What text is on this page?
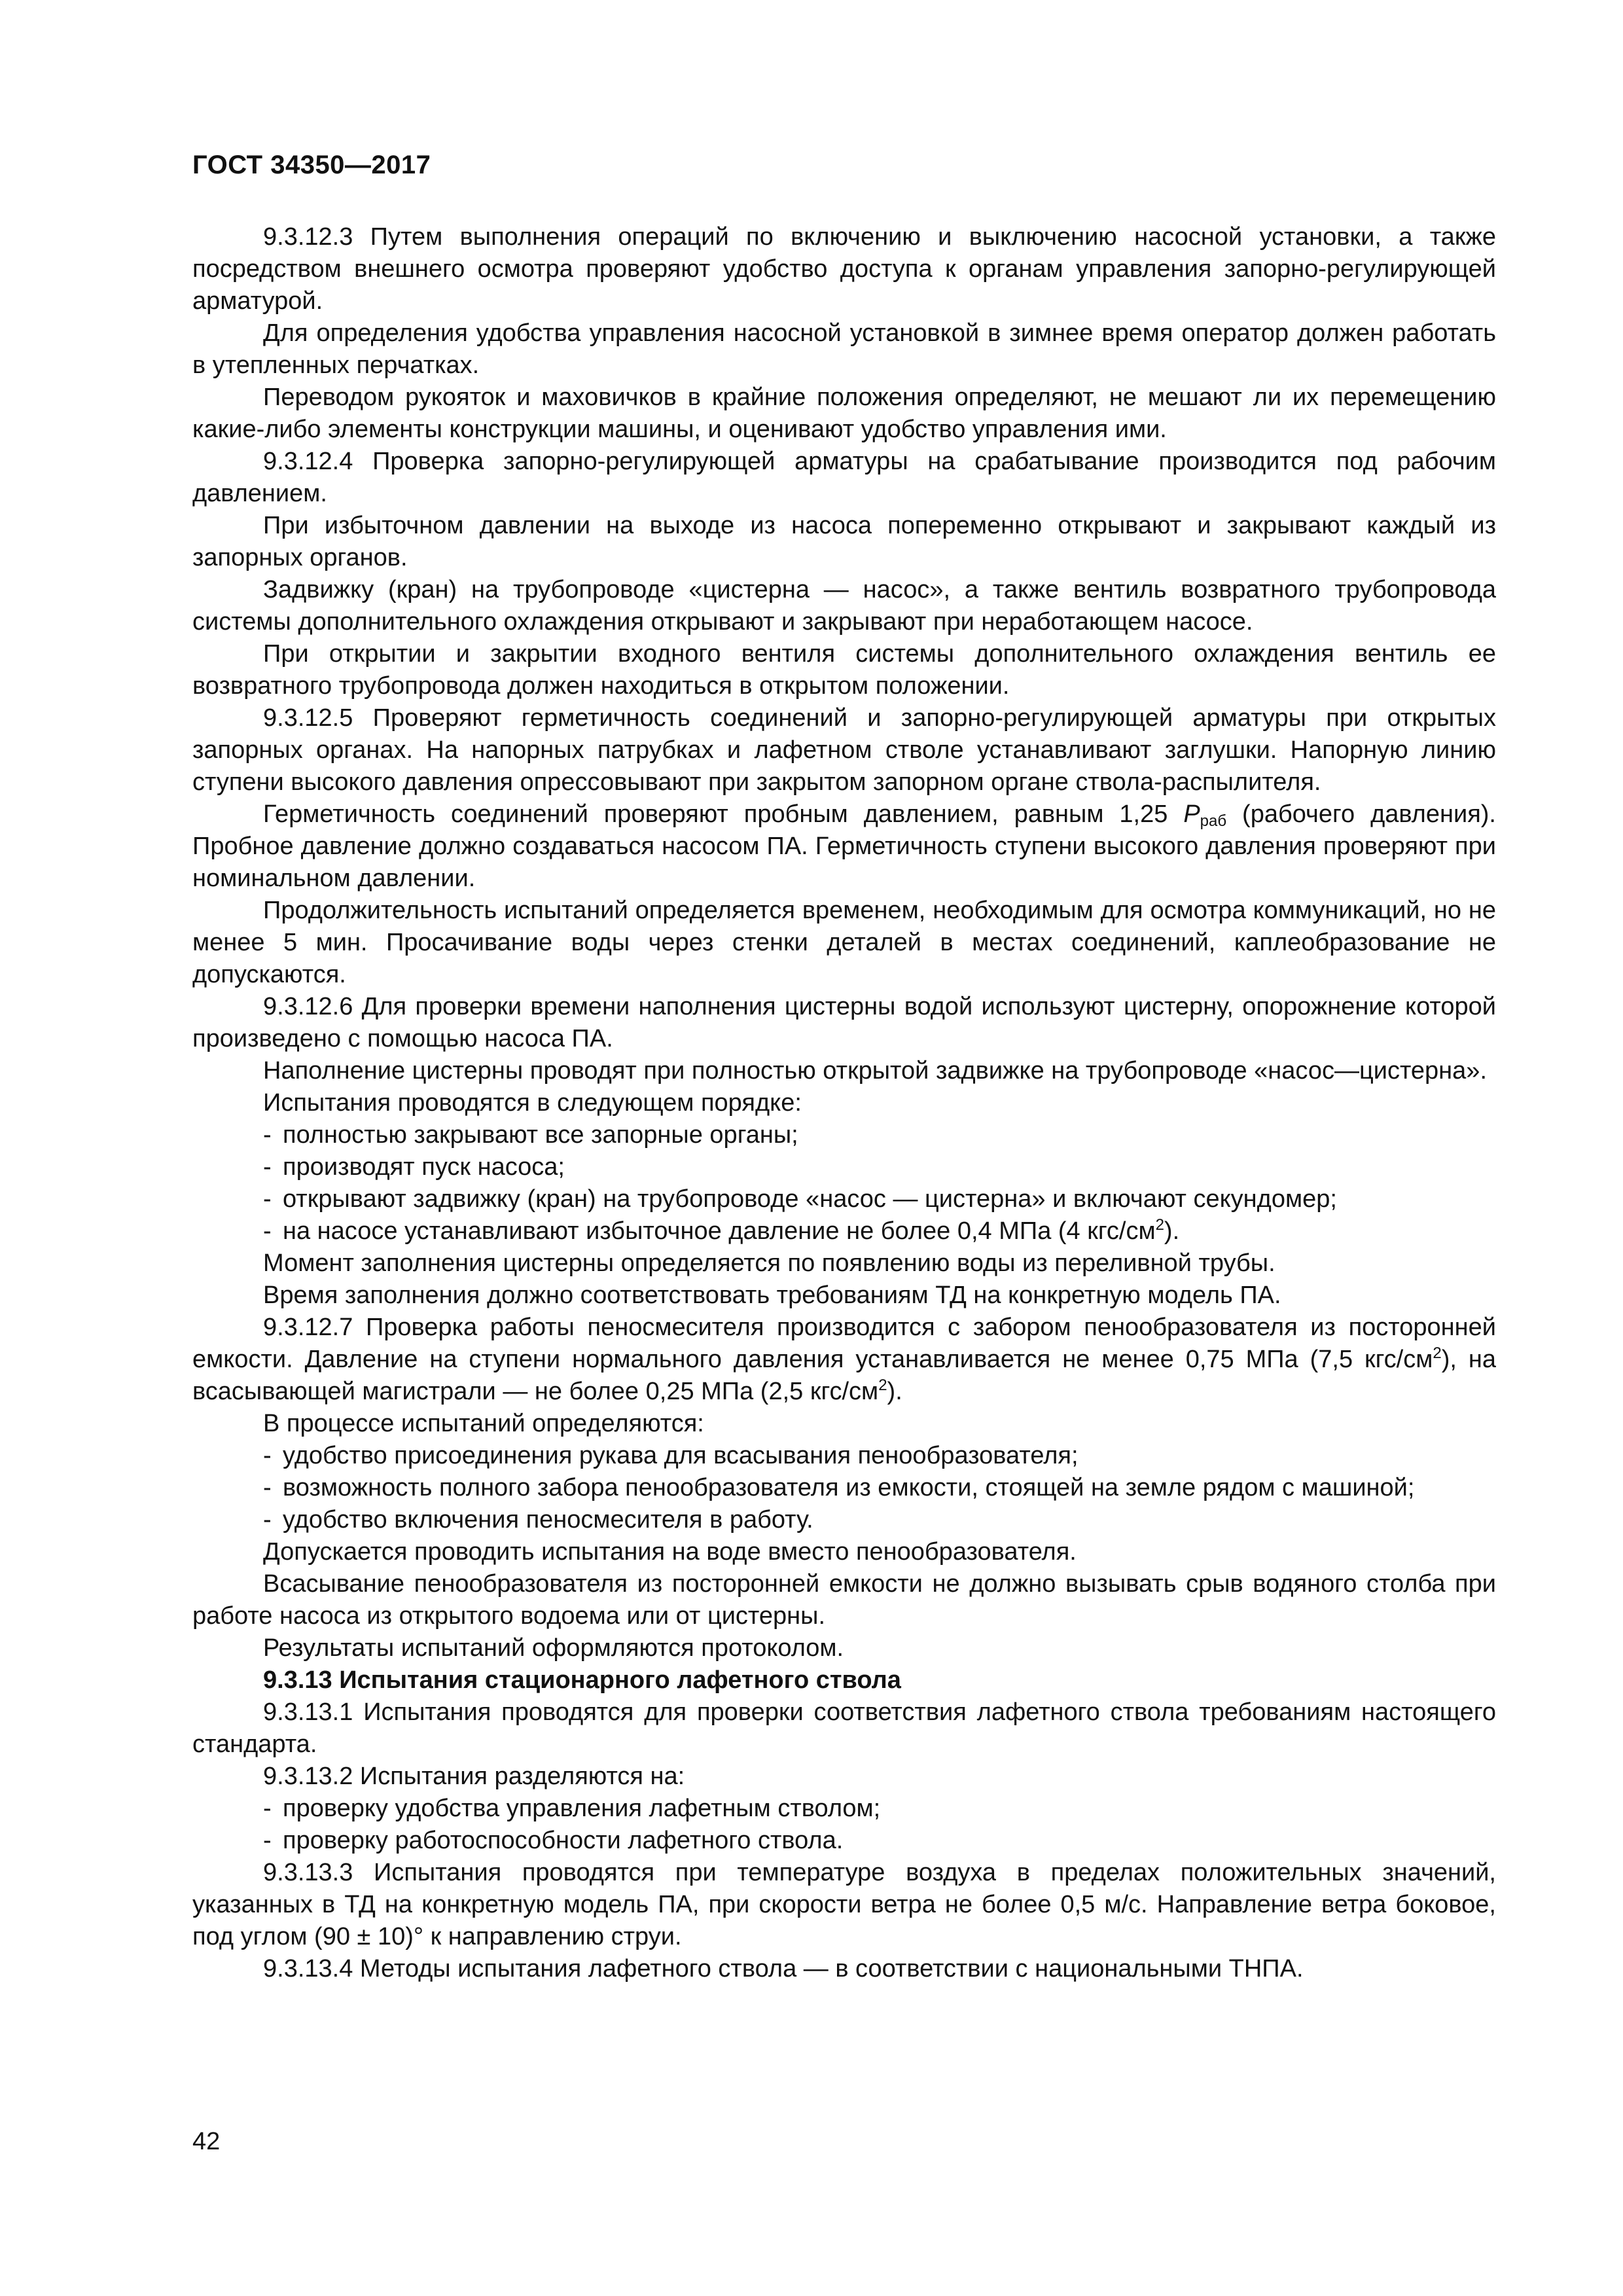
ГОСТ 34350—2017

9.3.12.3 Путем выполнения операций по включению и выключению насосной установки, а также посредством внешнего осмотра проверяют удобство доступа к органам управления запорно-регулирующей арматурой.

Для определения удобства управления насосной установкой в зимнее время оператор должен работать в утепленных перчатках.

Переводом рукояток и маховичков в крайние положения определяют, не мешают ли их перемещению какие-либо элементы конструкции машины, и оценивают удобство управления ими.

9.3.12.4 Проверка запорно-регулирующей арматуры на срабатывание производится под рабочим давлением.

При избыточном давлении на выходе из насоса попеременно открывают и закрывают каждый из запорных органов.

Задвижку (кран) на трубопроводе «цистерна — насос», а также вентиль возвратного трубопровода системы дополнительного охлаждения открывают и закрывают при неработающем насосе.

При открытии и закрытии входного вентиля системы дополнительного охлаждения вентиль ее возвратного трубопровода должен находиться в открытом положении.

9.3.12.5 Проверяют герметичность соединений и запорно-регулирующей арматуры при открытых запорных органах. На напорных патрубках и лафетном стволе устанавливают заглушки. Напорную линию ступени высокого давления опрессовывают при закрытом запорном органе ствола-распылителя.

Герметичность соединений проверяют пробным давлением, равным 1,25 $P_{раб}$ (рабочего давления). Пробное давление должно создаваться насосом ПА. Герметичность ступени высокого давления проверяют при номинальном давлении.

Продолжительность испытаний определяется временем, необходимым для осмотра коммуникаций, но не менее 5 мин. Просачивание воды через стенки деталей в местах соединений, каплеобразование не допускаются.

9.3.12.6 Для проверки времени наполнения цистерны водой используют цистерну, опорожнение которой произведено с помощью насоса ПА.

Наполнение цистерны проводят при полностью открытой задвижке на трубопроводе «насос—цистерна».

Испытания проводятся в следующем порядке:

- полностью закрывают все запорные органы;
- производят пуск насоса;
- открывают задвижку (кран) на трубопроводе «насос — цистерна» и включают секундомер;
- на насосе устанавливают избыточное давление не более 0,4 МПа (4 кгс/$см^2$).

Момент заполнения цистерны определяется по появлению воды из переливной трубы.

Время заполнения должно соответствовать требованиям ТД на конкретную модель ПА.

9.3.12.7 Проверка работы пеносмесителя производится с забором пенообразователя из посторонней емкости. Давление на ступени нормального давления устанавливается не менее 0,75 МПа (7,5 кгс/$см^2$), на всасывающей магистрали — не более 0,25 МПа (2,5 кгс/$см^2$).

В процессе испытаний определяются:

- удобство присоединения рукава для всасывания пенообразователя;
- возможность полного забора пенообразователя из емкости, стоящей на земле рядом с машиной;
- удобство включения пеносмесителя в работу.

Допускается проводить испытания на воде вместо пенообразователя.

Всасывание пенообразователя из посторонней емкости не должно вызывать срыв водяного столба при работе насоса из открытого водоема или от цистерны.

Результаты испытаний оформляются протоколом.

9.3.13 Испытания стационарного лафетного ствола

9.3.13.1 Испытания проводятся для проверки соответствия лафетного ствола требованиям настоящего стандарта.

9.3.13.2 Испытания разделяются на:

- проверку удобства управления лафетным стволом;
- проверку работоспособности лафетного ствола.

9.3.13.3 Испытания проводятся при температуре воздуха в пределах положительных значений, указанных в ТД на конкретную модель ПА, при скорости ветра не более 0,5 м/с. Направление ветра боковое, под углом (90 ± 10)° к направлению струи.

9.3.13.4 Методы испытания лафетного ствола — в соответствии с национальными ТНПА.

42
